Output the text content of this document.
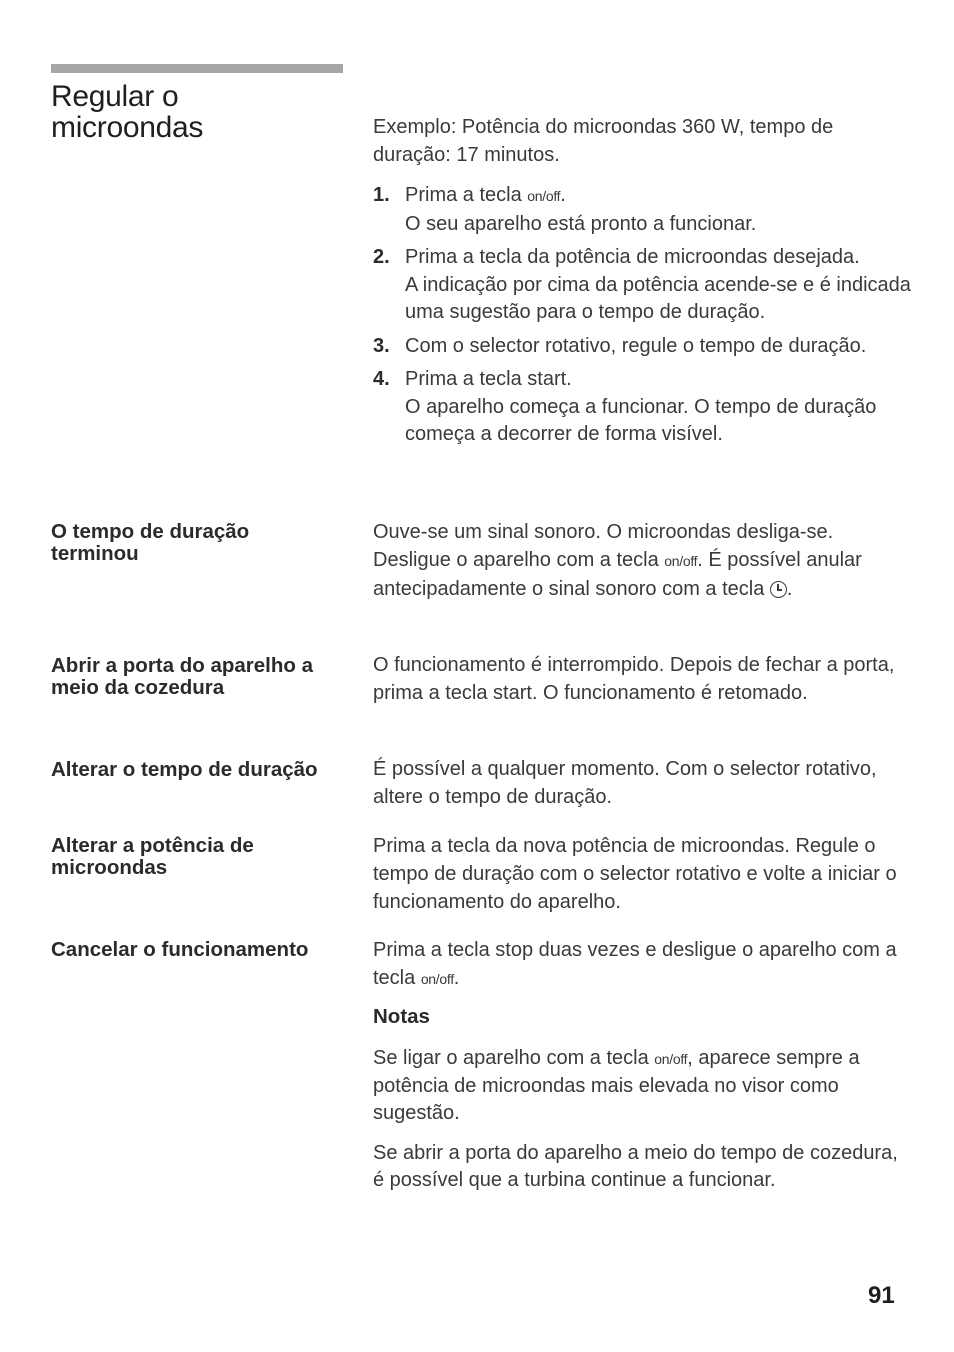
Regular o
microondas	Exemplo: Potência do microondas 360 W, tempo de duração: 17 minutos.

1. Prima a tecla on/off.
O seu aparelho está pronto a funcionar.
2. Prima a tecla da potência de microondas desejada.
A indicação por cima da potência acende-se e é indicada uma sugestão para o tempo de duração.
3. Com o selector rotativo, regule o tempo de duração.
4. Prima a tecla start.
O aparelho começa a funcionar. O tempo de duração começa a decorrer de forma visível.
O tempo de duração
terminou

Ouve-se um sinal sonoro. O microondas desliga-se. Desligue o aparelho com a tecla on/off. É possível anular antecipadamente o sinal sonoro com a tecla .

Abrir a porta do aparelho a
meio da cozedura

O funcionamento é interrompido. Depois de fechar a porta, prima a tecla start. O funcionamento é retomado.

Alterar o tempo de duração	É possível a qualquer momento. Com o selector rotativo, altere o tempo de duração.

Alterar a potência de
microondas

Prima a tecla da nova potência de microondas. Regule o tempo de duração com o selector rotativo e volte a iniciar o funcionamento do aparelho.

Cancelar o funcionamento	Prima a tecla stop duas vezes e desligue o aparelho com a tecla on/off.

Notas

Se ligar o aparelho com a tecla on/off, aparece sempre a potência de microondas mais elevada no visor como sugestão.

Se abrir a porta do aparelho a meio do tempo de cozedura, é possível que a turbina continue a funcionar.

91
